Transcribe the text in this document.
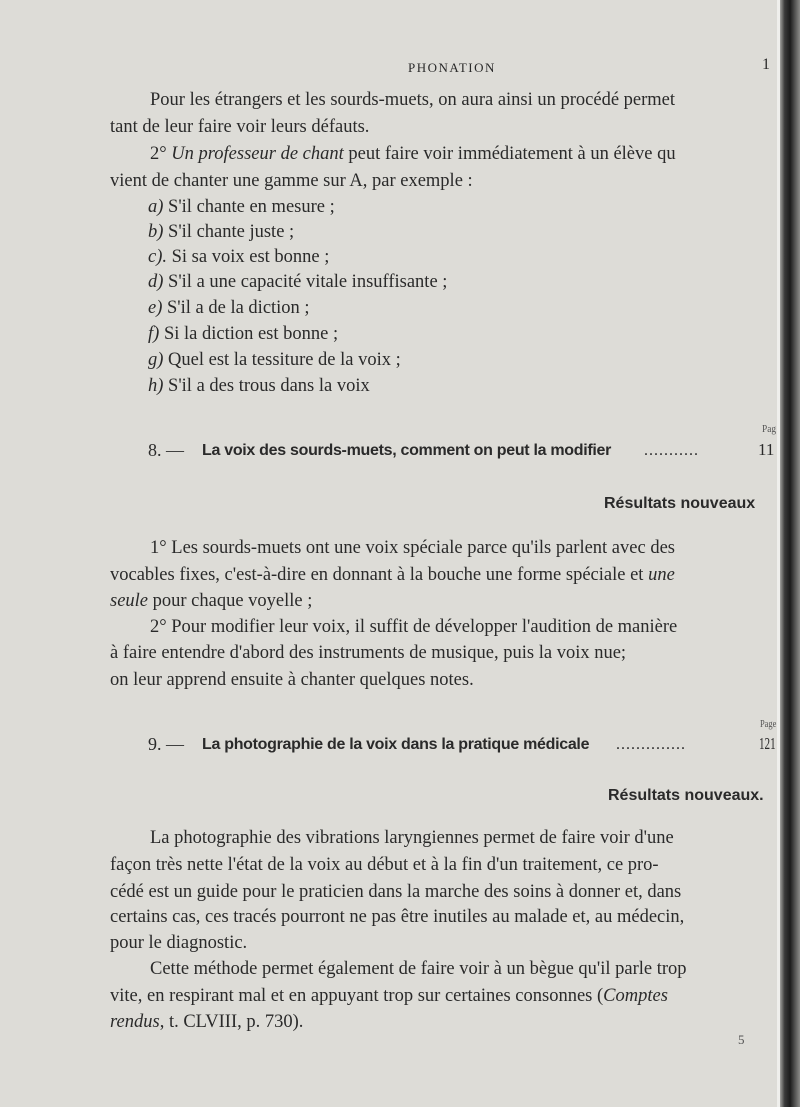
PHONATION	1
Pour les étrangers et les sourds-muets, on aura ainsi un procédé permet
tant de leur faire voir leurs défauts.
2° Un professeur de chant peut faire voir immédiatement à un élève qu
vient de chanter une gamme sur A, par exemple :
a) S'il chante en mesure ;
b) S'il chante juste ;
c). Si sa voix est bonne ;
d) S'il a une capacité vitale insuffisante ;
e) S'il a de la diction ;
f) Si la diction est bonne ;
g) Quel est la tessiture de la voix ;
h) S'il a des trous dans la voix
Pag
8. — La voix des sourds-muets, comment on peut la modifier ...........	11
Résultats nouveaux
1° Les sourds-muets ont une voix spéciale parce qu'ils parlent avec des
vocables fixes, c'est-à-dire en donnant à la bouche une forme spéciale et une
seule pour chaque voyelle ;
2° Pour modifier leur voix, il suffit de développer l'audition de manière
à faire entendre d'abord des instruments de musique, puis la voix nue;
on leur apprend ensuite à chanter quelques notes.
Page
9. — La photographie de la voix dans la pratique médicale ..............	121
Résultats nouveaux.
La photographie des vibrations laryngiennes permet de faire voir d'une
façon très nette l'état de la voix au début et à la fin d'un traitement, ce pro-
cédé est un guide pour le praticien dans la marche des soins à donner et, dans
certains cas, ces tracés pourront ne pas être inutiles au malade et, au médecin,
pour le diagnostic.
Cette méthode permet également de faire voir à un bègue qu'il parle trop
vite, en respirant mal et en appuyant trop sur certaines consonnes (Comptes
rendus, t. CLVIII, p. 730).
5
